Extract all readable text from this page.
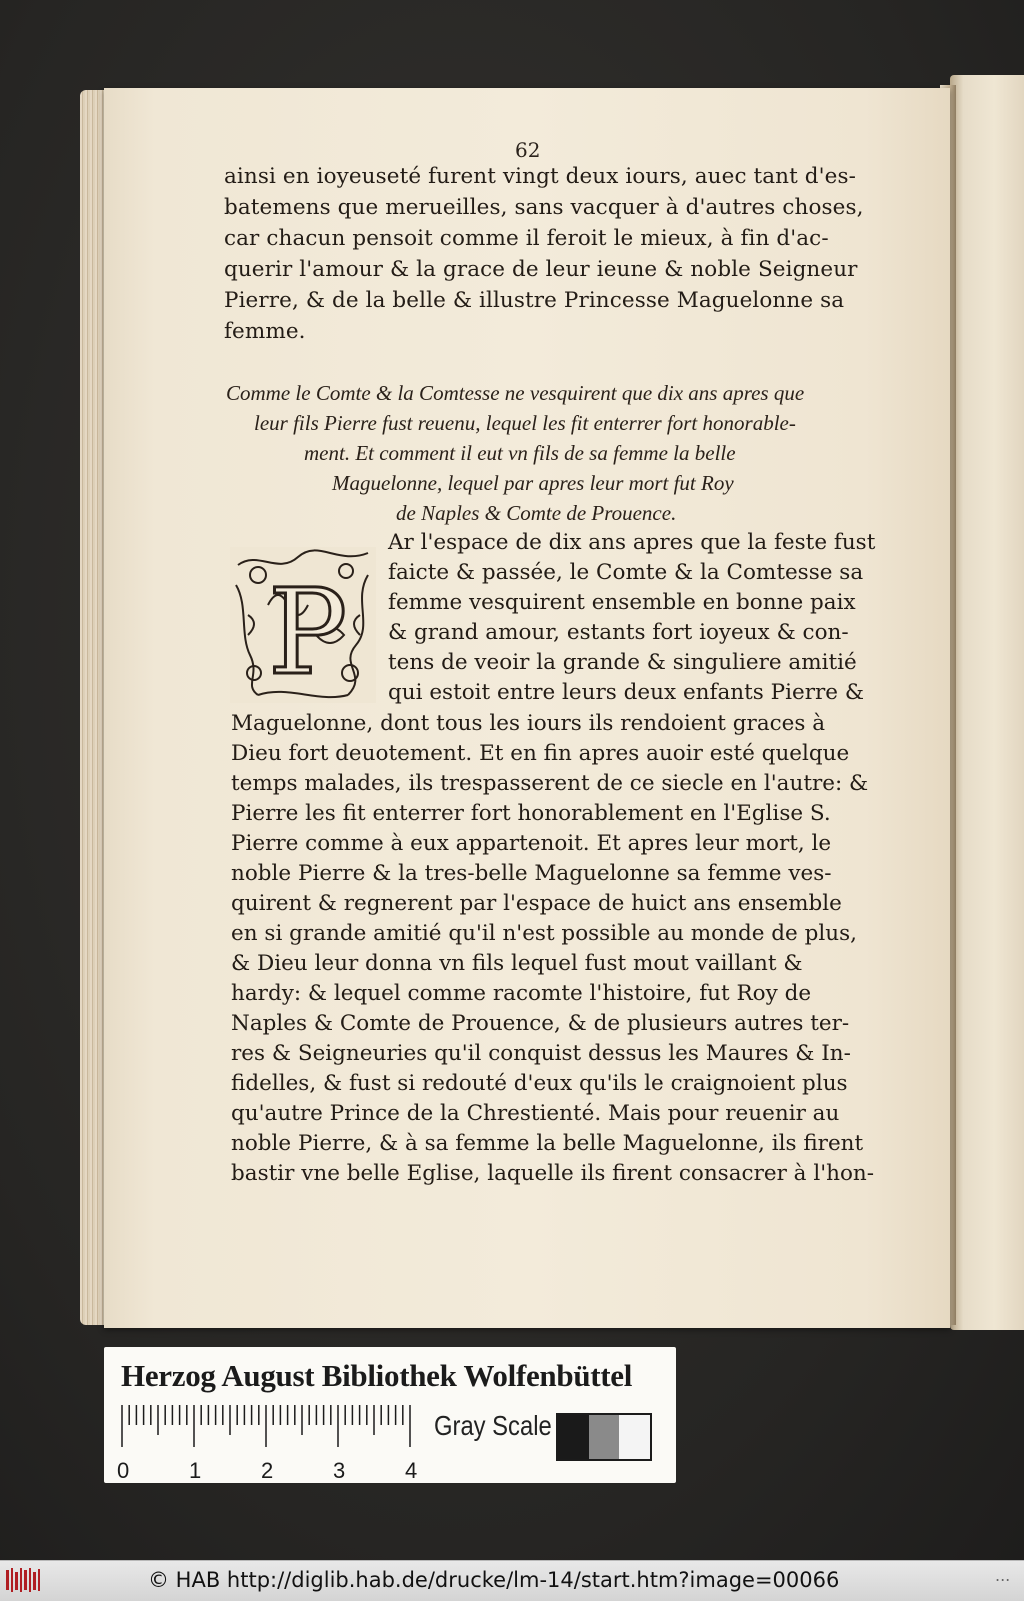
62
ainsi en ioyeuseté furent vingt deux iours, auec tant d'es-
batemens que merueilles, sans vacquer à d'autres choses,
car chacun pensoit comme il feroit le mieux, à fin d'ac-
querir l'amour & la grace de leur ieune & noble Seigneur
Pierre, & de la belle & illustre Princesse Maguelonne sa
femme.
Comme le Comte & la Comtesse ne vesquirent que dix ans apres que
leur fils Pierre fust reuenu, lequel les fit enterrer fort honorable-
ment. Et comment il eut vn fils de sa femme la belle
Maguelonne, lequel par apres leur mort fut Roy
de Naples & Comte de Prouence.
P
Ar l'espace de dix ans apres que la feste fust
faicte & passée, le Comte & la Comtesse sa
femme vesquirent ensemble en bonne paix
& grand amour, estants fort ioyeux & con-
tens de veoir la grande & singuliere amitié
qui estoit entre leurs deux enfants Pierre &
Maguelonne, dont tous les iours ils rendoient graces à
Dieu fort deuotement. Et en fin apres auoir esté quelque
temps malades, ils trespasserent de ce siecle en l'autre: &
Pierre les fit enterrer fort honorablement en l'Eglise S.
Pierre comme à eux appartenoit. Et apres leur mort, le
noble Pierre & la tres-belle Maguelonne sa femme ves-
quirent & regnerent par l'espace de huict ans ensemble
en si grande amitié qu'il n'est possible au monde de plus,
& Dieu leur donna vn fils lequel fust mout vaillant &
hardy: & lequel comme racomte l'histoire, fut Roy de
Naples & Comte de Prouence, & de plusieurs autres ter-
res & Seigneuries qu'il conquist dessus les Maures & In-
fidelles, & fust si redouté d'eux qu'ils le craignoient plus
qu'autre Prince de la Chrestienté. Mais pour reuenir au
noble Pierre, & à sa femme la belle Maguelonne, ils firent
bastir vne belle Eglise, laquelle ils firent consacrer à l'hon-
Herzog August Bibliothek Wolfenbüttel
0	1	2	3	4
Gray Scale
© HAB http://diglib.hab.de/drucke/lm-14/start.htm?image=00066	...
